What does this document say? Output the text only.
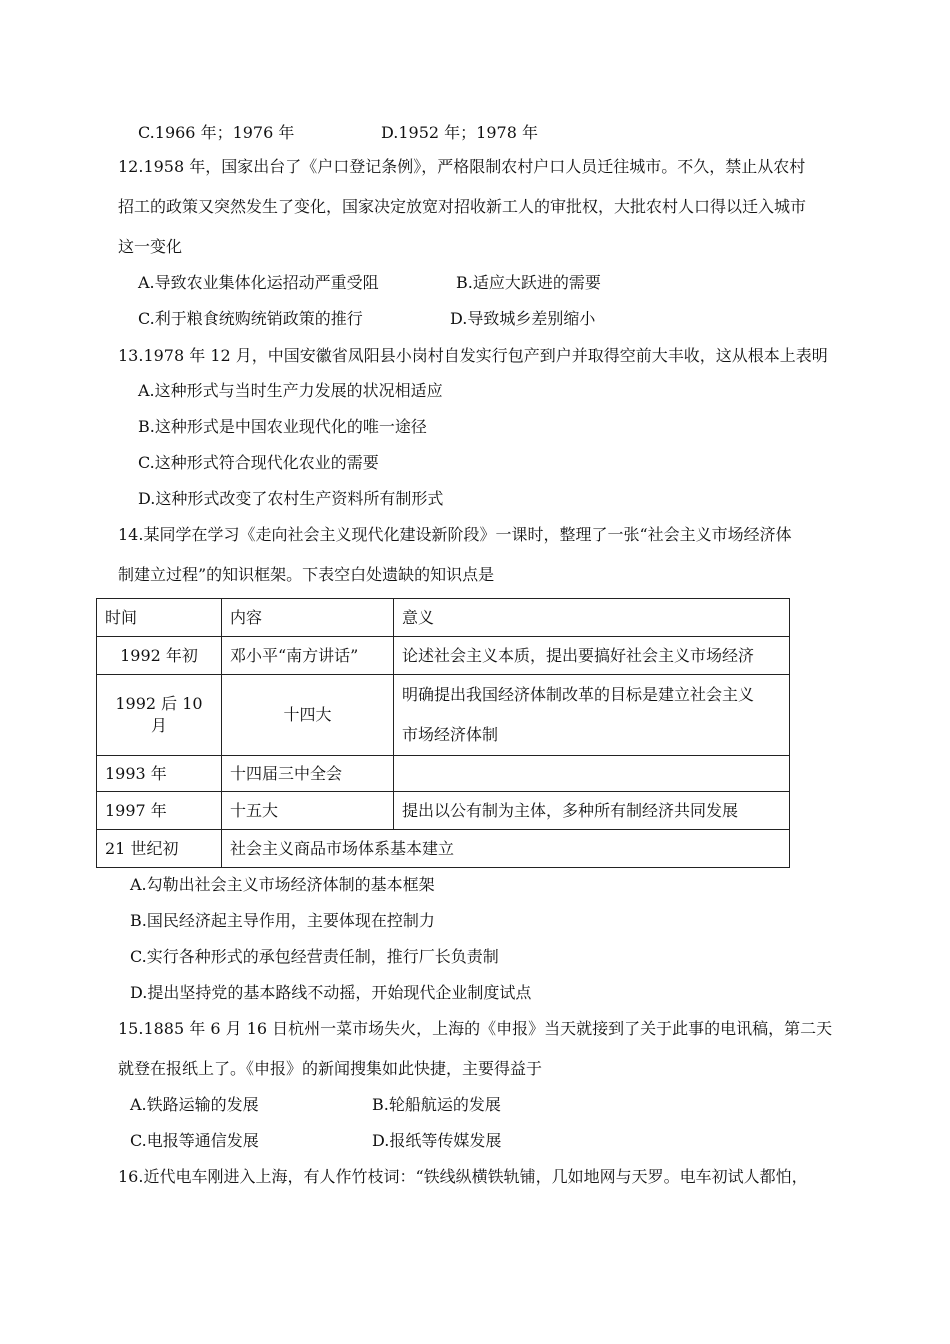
C.1966 年；1976 年	D.1952 年；1978 年
12.1958 年，国家出台了《户口登记条例》，严格限制农村户口人员迁往城市。不久，禁止从农村
招工的政策又突然发生了变化，国家决定放宽对招收新工人的审批权，大批农村人口得以迁入城市
这一变化
A.导致农业集体化运招动严重受阻	B.适应大跃进的需要
C.利于粮食统购统销政策的推行	D.导致城乡差别缩小
13.1978 年 12 月，中国安徽省凤阳县小岗村自发实行包产到户并取得空前大丰收，这从根本上表明
A.这种形式与当时生产力发展的状况相适应
B.这种形式是中国农业现代化的唯一途径
C.这种形式符合现代化农业的需要
D.这种形式改变了农村生产资料所有制形式
14.某同学在学习《走向社会主义现代化建设新阶段》一课时，整理了一张“社会主义市场经济体
制建立过程”的知识框架。下表空白处遗缺的知识点是
时间	内容	意义
1992 年初	邓小平“南方讲话”	论述社会主义本质，提出要搞好社会主义市场经济
1992 后 10 月	十四大	明确提出我国经济体制改革的目标是建立社会主义
市场经济体制

1993 年	十四届三中全会	
1997 年	十五大	提出以公有制为主体，多种所有制经济共同发展
21 世纪初	社会主义商品市场体系基本建立	
A.勾勒出社会主义市场经济体制的基本框架
B.国民经济起主导作用，主要体现在控制力
C.实行各种形式的承包经营责任制，推行厂长负责制
D.提出坚持党的基本路线不动摇，开始现代企业制度试点
15.1885 年 6 月 16 日杭州一菜市场失火，上海的《申报》当天就接到了关于此事的电讯稿，第二天
就登在报纸上了。《申报》的新闻搜集如此快捷，主要得益于
A.铁路运输的发展	B.轮船航运的发展
C.电报等通信发展	D.报纸等传媒发展
16.近代电车刚进入上海，有人作竹枝词：“铁线纵横铁轨铺，几如地网与天罗。电车初试人都怕，
